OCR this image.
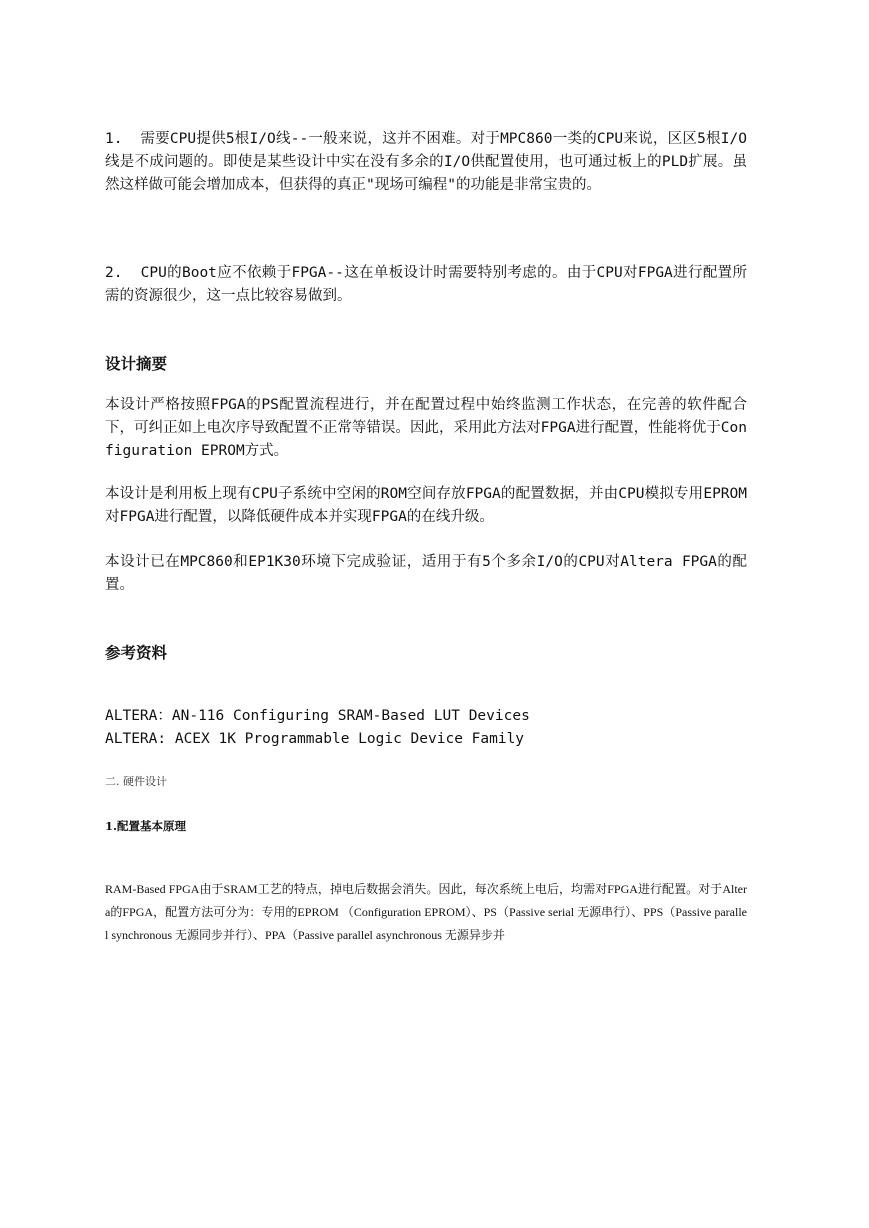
1. 需要CPU提供5根I/O线--一般来说，这并不困难。对于MPC860一类的CPU来说，区区5根I/O线是不成问题的。即使是某些设计中实在没有多余的I/O供配置使用，也可通过板上的PLD扩展。虽然这样做可能会增加成本，但获得的真正"现场可编程"的功能是非常宝贵的。

2. CPU的Boot应不依赖于FPGA--这在单板设计时需要特别考虑的。由于CPU对FPGA进行配置所需的资源很少，这一点比较容易做到。

设计摘要

本设计严格按照FPGA的PS配置流程进行，并在配置过程中始终监测工作状态，在完善的软件配合下，可纠正如上电次序导致配置不正常等错误。因此，采用此方法对FPGA进行配置，性能将优于Configuration EPROM方式。

本设计是利用板上现有CPU子系统中空闲的ROM空间存放FPGA的配置数据，并由CPU模拟专用EPROM对FPGA进行配置，以降低硬件成本并实现FPGA的在线升级。

本设计已在MPC860和EP1K30环境下完成验证，适用于有5个多余I/O的CPU对Altera FPGA的配置。

参考资料
ALTERA：AN-116 Configuring SRAM-Based LUT Devices
ALTERA: ACEX 1K Programmable Logic Device Family
二. 硬件设计
1.配置基本原理

RAM-Based FPGA由于SRAM工艺的特点，掉电后数据会消失。因此，每次系统上电后，均需对FPGA进行配置。对于Altera的FPGA，配置方法可分为：专用的EPROM （Configuration EPROM）、PS（Passive serial 无源串行）、PPS（Passive parallel synchronous 无源同步并行）、PPA（Passive parallel asynchronous 无源异步并
